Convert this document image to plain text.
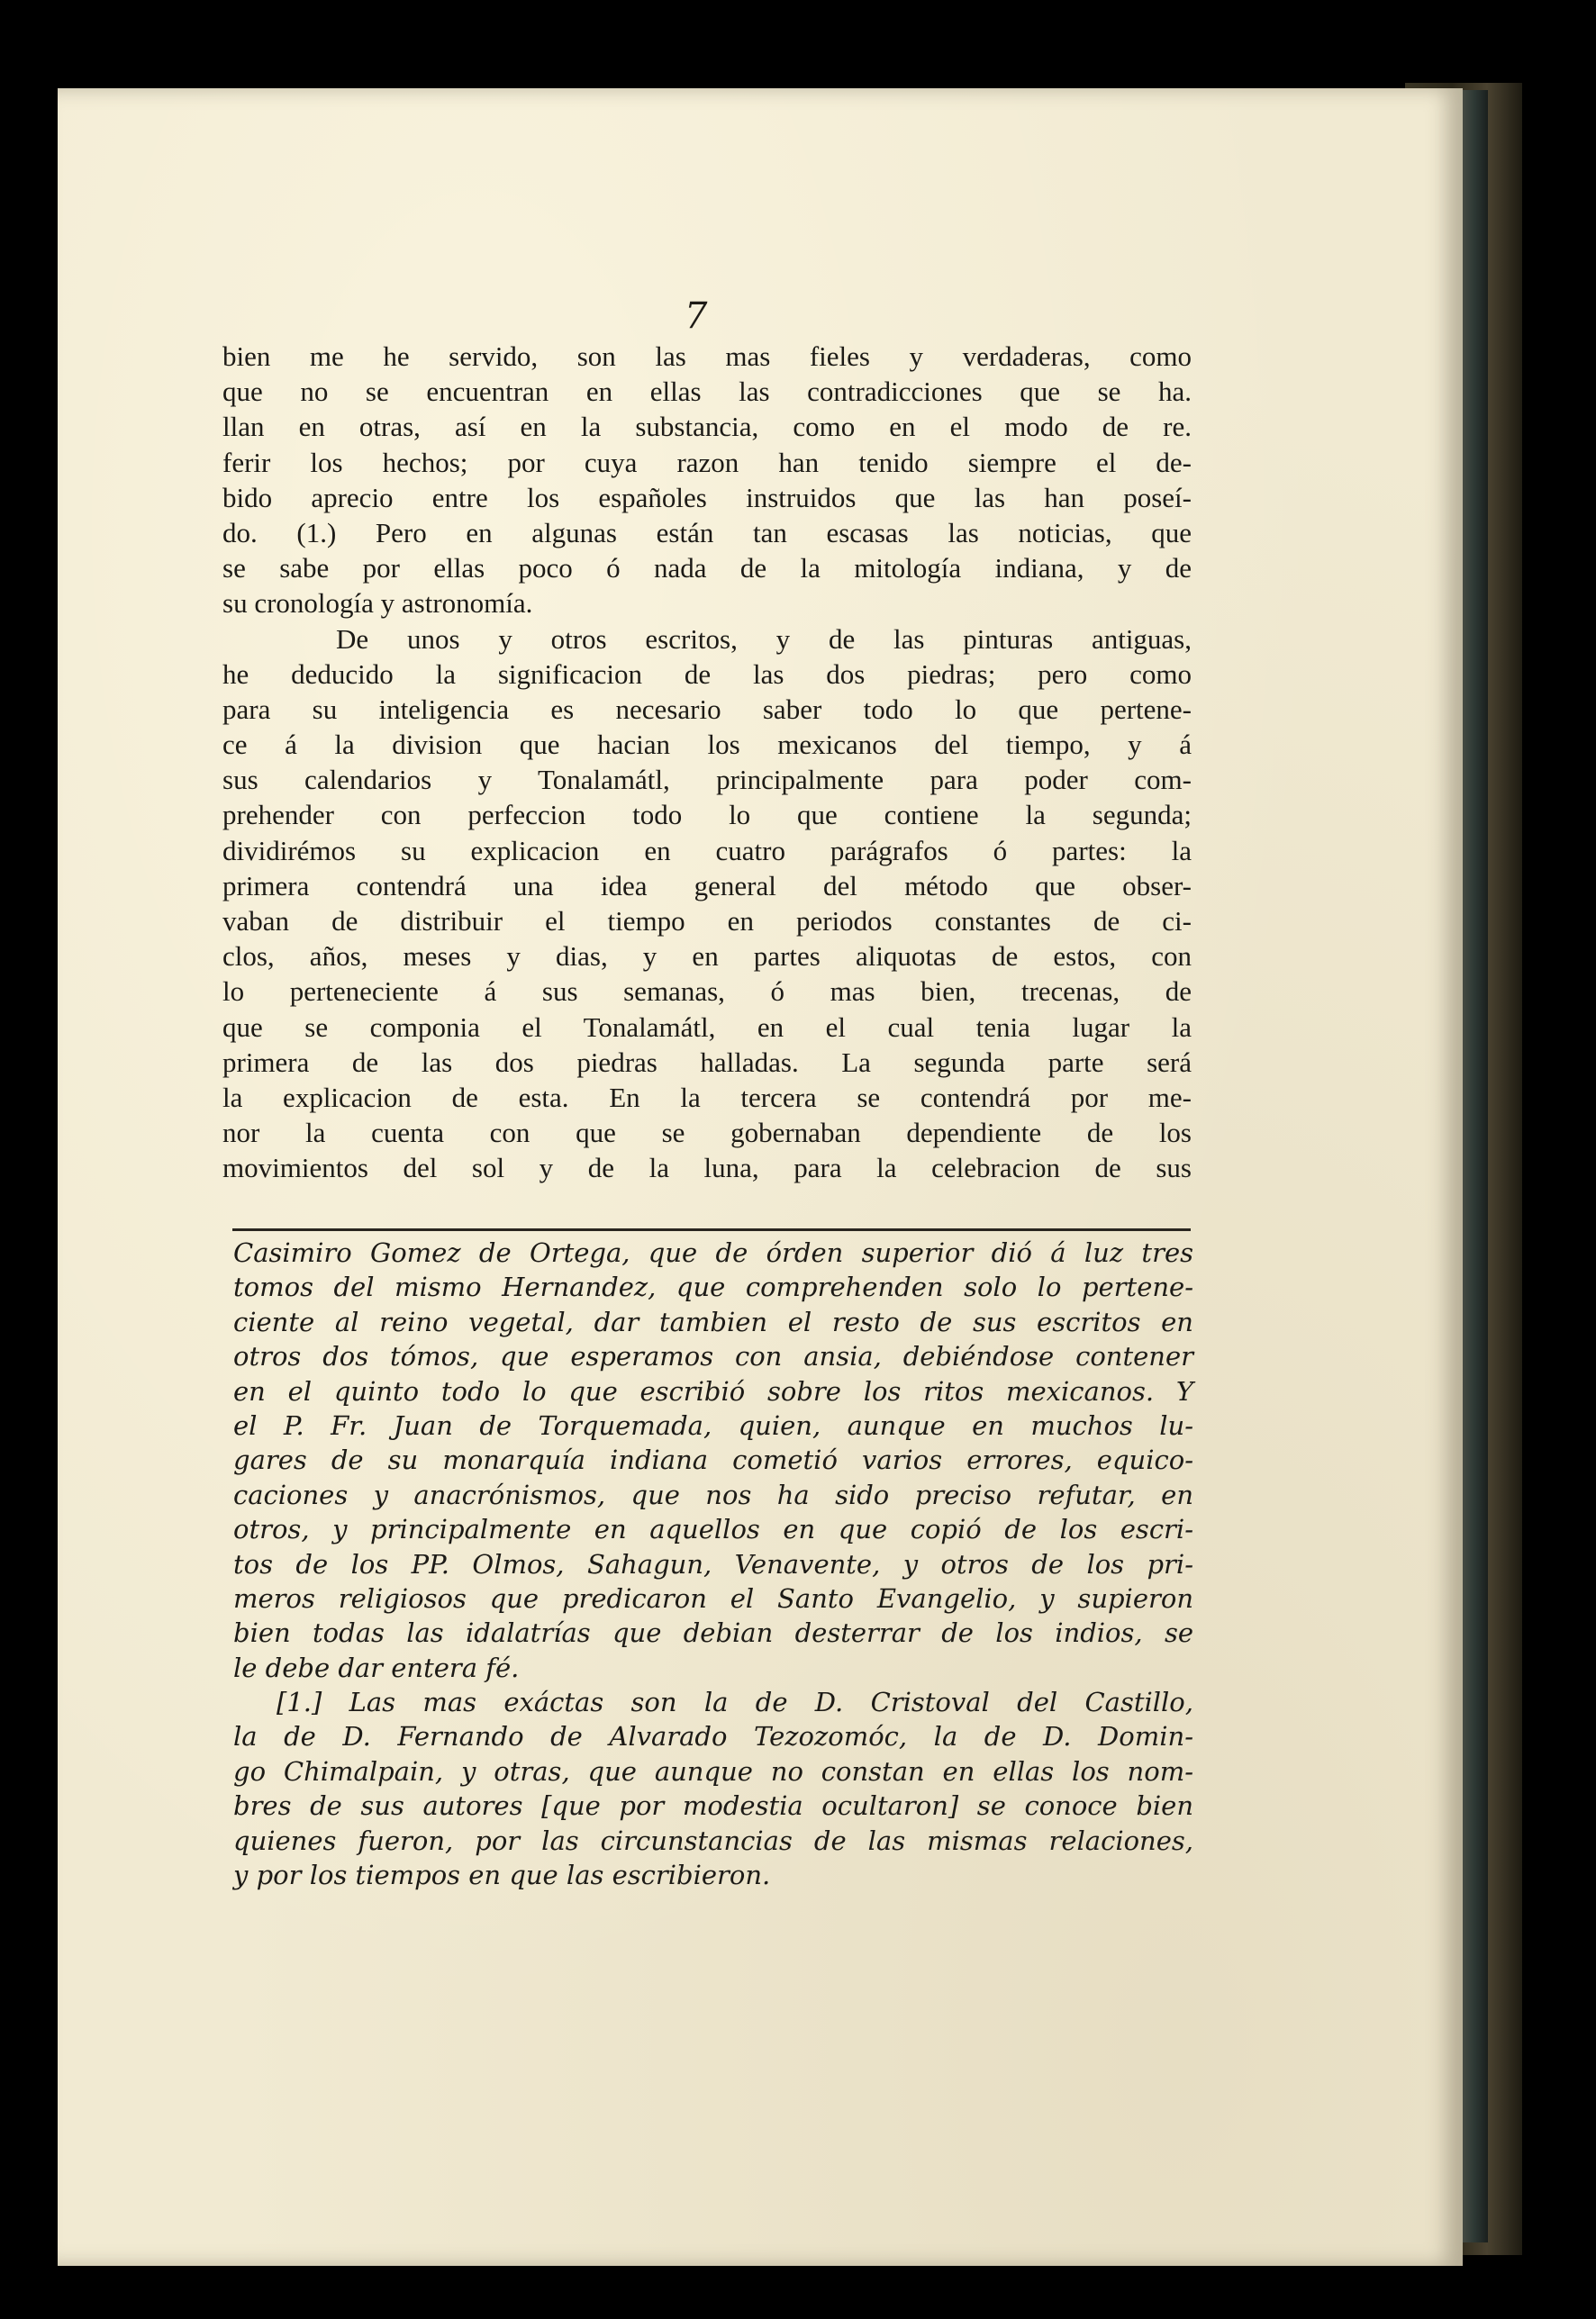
7
bien me he servido, son las mas fieles y verdaderas, como
que no se encuentran en ellas las contradicciones que se ha.
llan en otras, así en la substancia, como en el modo de re.
ferir los hechos; por cuya razon han tenido siempre el de-
bido aprecio entre los españoles instruidos que las han poseí-
do. (1.) Pero en algunas están tan escasas las noticias, que
se sabe por ellas poco ó nada de la mitología indiana, y de
su cronología y astronomía.
De unos y otros escritos, y de las pinturas antiguas,
he deducido la significacion de las dos piedras; pero como
para su inteligencia es necesario saber todo lo que pertene-
ce á la division que hacian los mexicanos del tiempo, y á
sus calendarios y Tonalamátl, principalmente para poder com-
prehender con perfeccion todo lo que contiene la segunda;
dividirémos su explicacion en cuatro parágrafos ó partes: la
primera contendrá una idea general del método que obser-
vaban de distribuir el tiempo en periodos constantes de ci-
clos, años, meses y dias, y en partes aliquotas de estos, con
lo perteneciente á sus semanas, ó mas bien, trecenas, de
que se componia el Tonalamátl, en el cual tenia lugar la
primera de las dos piedras halladas. La segunda parte será
la explicacion de esta. En la tercera se contendrá por me-
nor la cuenta con que se gobernaban dependiente de los
movimientos del sol y de la luna, para la celebracion de sus
Casimiro Gomez de Ortega, que de órden superior dió á luz tres
tomos del mismo Hernandez, que comprehenden solo lo pertene-
ciente al reino vegetal, dar tambien el resto de sus escritos en
otros dos tómos, que esperamos con ansia, debiéndose contener
en el quinto todo lo que escribió sobre los ritos mexicanos. Y
el P. Fr. Juan de Torquemada, quien, aunque en muchos lu-
gares de su monarquía indiana cometió varios errores, equico-
caciones y anacrónismos, que nos ha sido preciso refutar, en
otros, y principalmente en aquellos en que copió de los escri-
tos de los PP. Olmos, Sahagun, Venavente, y otros de los pri-
meros religiosos que predicaron el Santo Evangelio, y supieron
bien todas las idalatrías que debian desterrar de los indios, se
le debe dar entera fé.
[1.] Las mas exáctas son la de D. Cristoval del Castillo,
la de D. Fernando de Alvarado Tezozomóc, la de D. Domin-
go Chimalpain, y otras, que aunque no constan en ellas los nom-
bres de sus autores [que por modestia ocultaron] se conoce bien
quienes fueron, por las circunstancias de las mismas relaciones,
y por los tiempos en que las escribieron.
